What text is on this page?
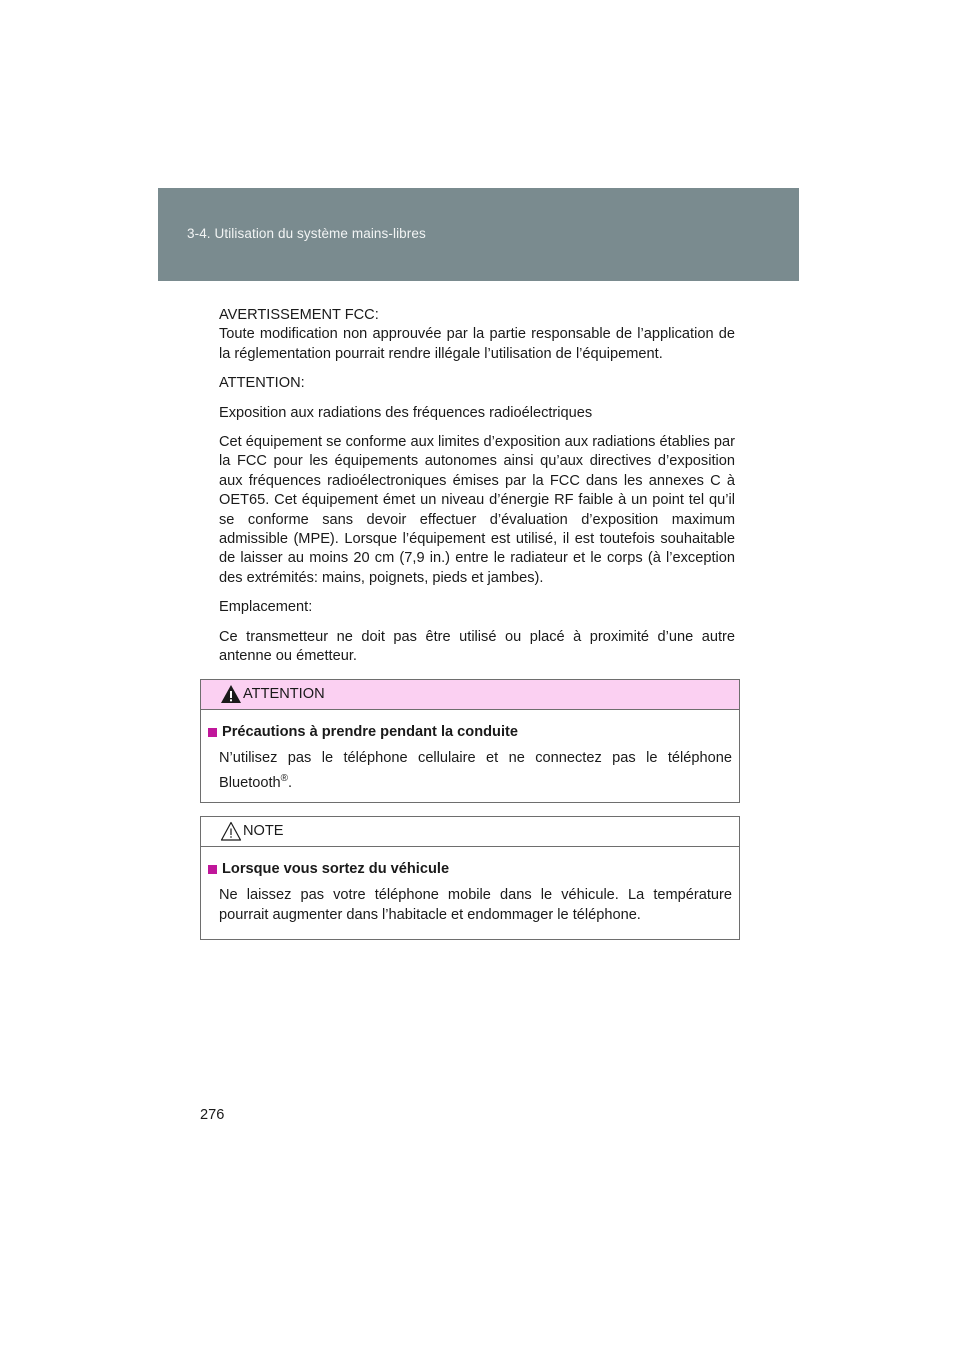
3-4. Utilisation du système mains-libres

AVERTISSEMENT FCC:

Toute modification non approuvée par la partie responsable de l’application de la réglementation pourrait rendre illégale l’utilisation de l’équipement.

ATTENTION:

Exposition aux radiations des fréquences radioélectriques

Cet équipement se conforme aux limites d’exposition aux radiations établies par la FCC pour les équipements autonomes ainsi qu’aux directives d’exposition aux fréquences radioélectroniques émises par la FCC dans les annexes C à OET65. Cet équipement émet un niveau d’énergie RF faible à un point tel qu’il se conforme sans devoir effectuer d’évaluation d’exposition maximum admissible (MPE). Lorsque l’équipement est utilisé, il est toutefois souhaitable de laisser au moins 20 cm (7,9 in.) entre le radiateur et le corps (à l’exception des extrémités: mains, poignets, pieds et jambes).

Emplacement:

Ce transmetteur ne doit pas être utilisé ou placé à proximité d’une autre antenne ou émetteur.

ATTENTION
Précautions à prendre pendant la conduite
N’utilisez pas le téléphone cellulaire et ne connectez pas le téléphone Bluetooth®.
NOTE
Lorsque vous sortez du véhicule
Ne laissez pas votre téléphone mobile dans le véhicule. La température pourrait augmenter dans l’habitacle et endommager le téléphone.
276
